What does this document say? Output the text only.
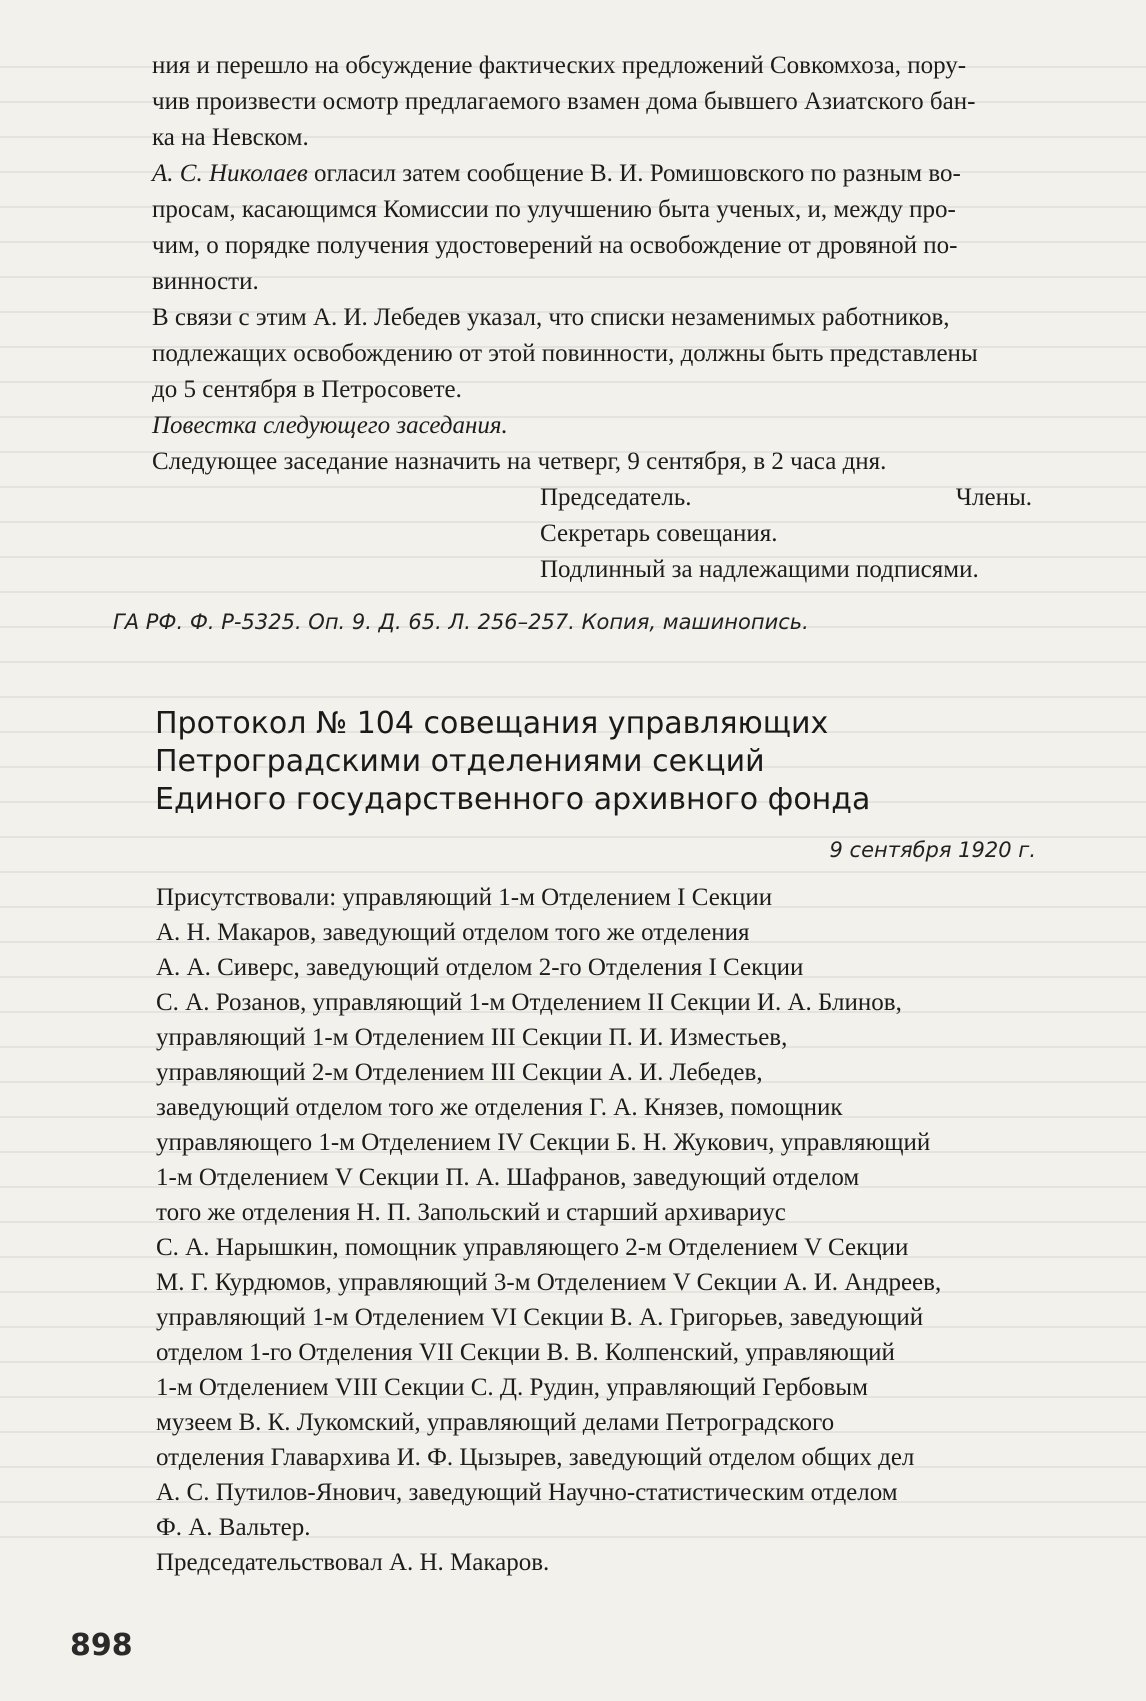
ния и перешло на обсуждение фактических предложений Совкомхоза, пору-
чив произвести осмотр предлагаемого взамен дома бывшего Азиатского бан-
ка на Невском.

А. С. Николаев огласил затем сообщение В. И. Ромишовского по разным во-
просам, касающимся Комиссии по улучшению быта ученых, и, между про-
чим, о порядке получения удостоверений на освобождение от дровяной по-
винности.

В связи с этим А. И. Лебедев указал, что списки незаменимых работников,
подлежащих освобождению от этой повинности, должны быть представлены
до 5 сентября в Петросовете.

Повестка следующего заседания.

Следующее заседание назначить на четверг, 9 сентября, в 2 часа дня.

Председатель.	Члены.
Секретарь совещания.
Подлинный за надлежащими подписями.
ГА РФ. Ф. Р-5325. Оп. 9. Д. 65. Л. 256–257. Копия, машинопись.
Протокол № 104 совещания управляющих
Петроградскими отделениями секций
Единого государственного архивного фонда
9 сентября 1920 г.
Присутствовали: управляющий 1-м Отделением I Секции
А. Н. Макаров, заведующий отделом того же отделения
А. А. Сиверс, заведующий отделом 2-го Отделения I Секции
С. А. Розанов, управляющий 1-м Отделением II Секции И. А. Блинов,
управляющий 1-м Отделением III Секции П. И. Изместьев,
управляющий 2-м Отделением III Секции А. И. Лебедев,
заведующий отделом того же отделения Г. А. Князев, помощник
управляющего 1-м Отделением IV Секции Б. Н. Жукович, управляющий
1-м Отделением V Секции П. А. Шафранов, заведующий отделом
того же отделения Н. П. Запольский и старший архивариус
С. А. Нарышкин, помощник управляющего 2-м Отделением V Секции
М. Г. Курдюмов, управляющий 3-м Отделением V Секции А. И. Андреев,
управляющий 1-м Отделением VI Секции В. А. Григорьев, заведующий
отделом 1-го Отделения VII Секции В. В. Колпенский, управляющий
1-м Отделением VIII Секции С. Д. Рудин, управляющий Гербовым
музеем В. К. Лукомский, управляющий делами Петроградского
отделения Главархива И. Ф. Цызырев, заведующий отделом общих дел
А. С. Путилов-Янович, заведующий Научно-статистическим отделом
Ф. А. Вальтер.
Председательствовал А. Н. Макаров.
898
